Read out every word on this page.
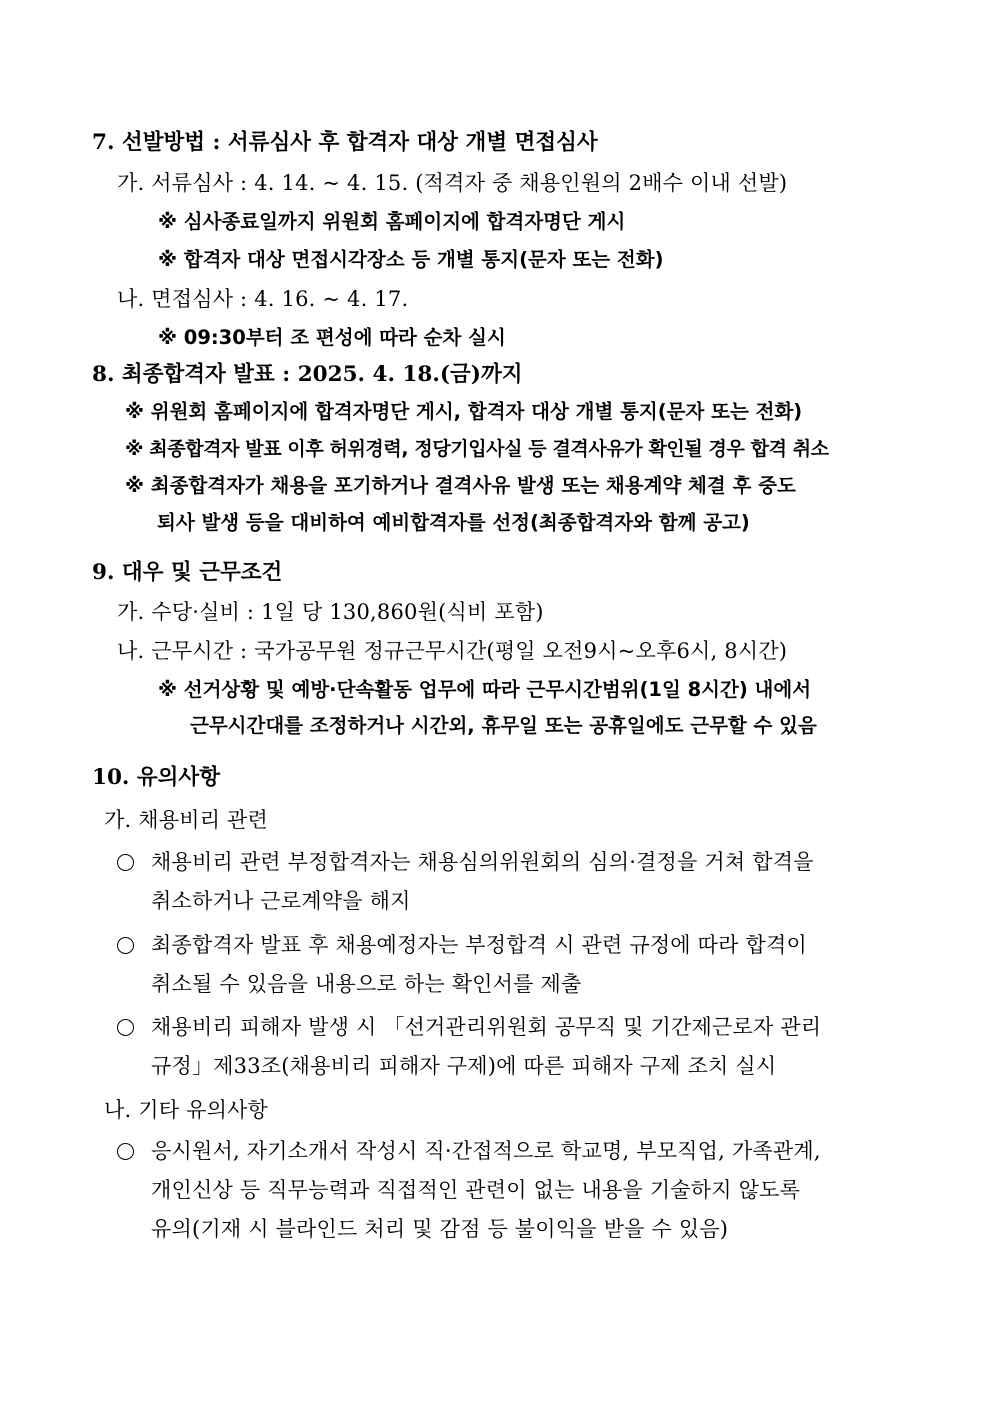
7. 선발방법 : 서류심사 후 합격자 대상 개별 면접심사
가. 서류심사 : 4. 14. ~ 4. 15. (적격자 중 채용인원의 2배수 이내 선발)
※ 심사종료일까지 위원회 홈페이지에 합격자명단 게시
※ 합격자 대상 면접시각장소 등 개별 통지(문자 또는 전화)
나. 면접심사 : 4. 16. ~ 4. 17.
※ 09:30부터 조 편성에 따라 순차 실시
8. 최종합격자 발표 : 2025. 4. 18.(금)까지
※ 위원회 홈페이지에 합격자명단 게시, 합격자 대상 개별 통지(문자 또는 전화)
※ 최종합격자 발표 이후 허위경력, 정당기입사실 등 결격사유가 확인될 경우 합격 취소
※ 최종합격자가 채용을 포기하거나 결격사유 발생 또는 채용계약 체결 후 중도
퇴사 발생 등을 대비하여 예비합격자를 선정(최종합격자와 함께 공고)
9. 대우 및 근무조건
가. 수당·실비 : 1일 당 130,860원(식비 포함)
나. 근무시간 : 국가공무원 정규근무시간(평일 오전9시~오후6시, 8시간)
※ 선거상황 및 예방·단속활동 업무에 따라 근무시간범위(1일 8시간) 내에서
근무시간대를 조정하거나 시간외, 휴무일 또는 공휴일에도 근무할 수 있음
10. 유의사항
가. 채용비리 관련
채용비리 관련 부정합격자는 채용심의위원회의 심의·결정을 거쳐 합격을
취소하거나 근로계약을 해지
최종합격자 발표 후 채용예정자는 부정합격 시 관련 규정에 따라 합격이
취소될 수 있음을 내용으로 하는 확인서를 제출
채용비리 피해자 발생 시 「선거관리위원회 공무직 및 기간제근로자 관리
규정」제33조(채용비리 피해자 구제)에 따른 피해자 구제 조치 실시
나. 기타 유의사항
응시원서, 자기소개서 작성시 직·간접적으로 학교명, 부모직업, 가족관계,
개인신상 등 직무능력과 직접적인 관련이 없는 내용을 기술하지 않도록
유의(기재 시 블라인드 처리 및 감점 등 불이익을 받을 수 있음)
